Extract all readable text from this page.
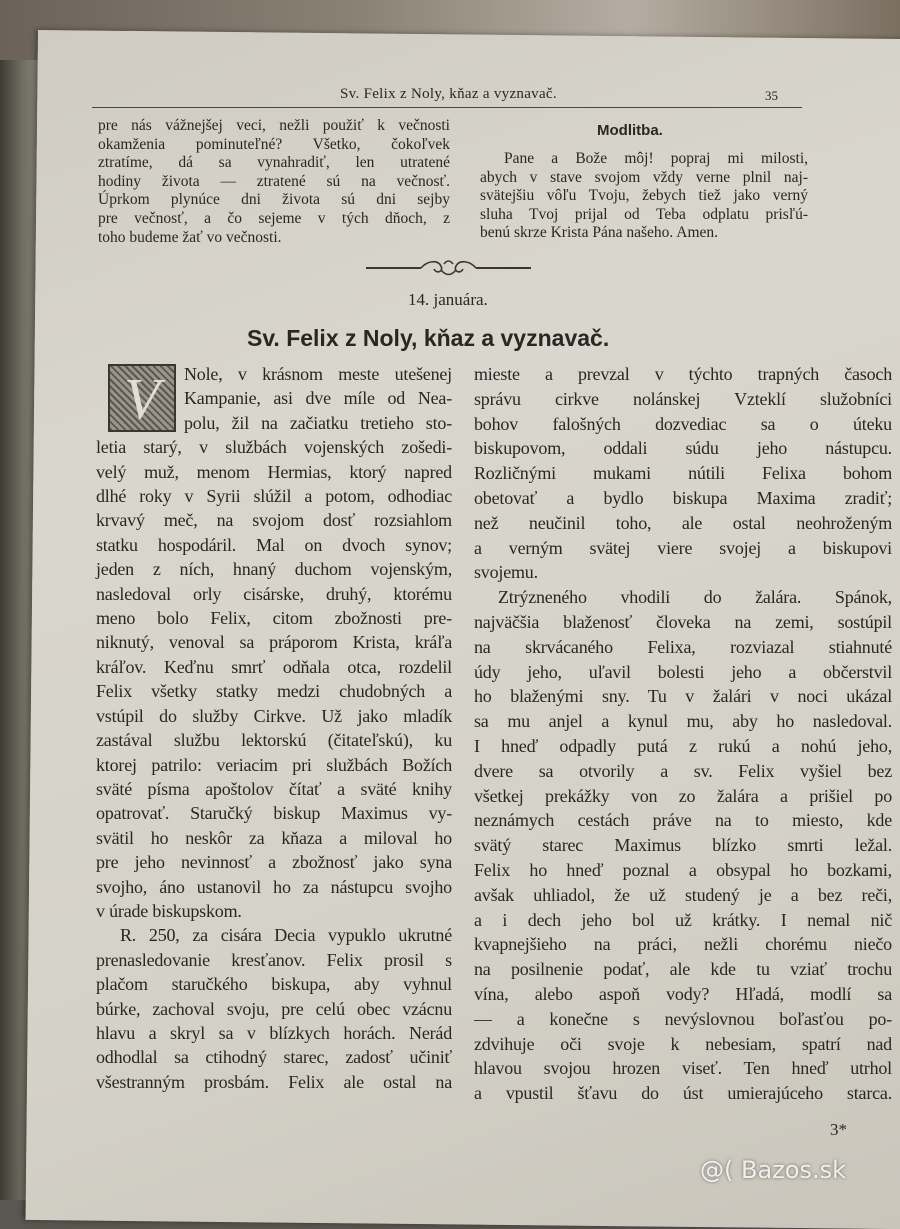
Sv. Felix z Noly, kňaz a vyznavač.	35
pre nás vážnejšej veci, nežli použiť k večnosti
okamženia pominuteľné? Všetko, čokoľvek
ztratíme, dá sa vynahradiť, len utratené
hodiny života — ztratené sú na večnosť.
Úprkom plynúce dni života sú dni sejby
pre večnosť, a čo sejeme v tých dňoch, z
toho budeme žať vo večnosti.
Modlitba.
Pane a Bože môj! popraj mi milosti,
abych v stave svojom vždy verne plnil naj-
svätejšiu vôľu Tvoju, žebych tiež jako verný
sluha Tvoj prijal od Teba odplatu prisľú-
benú skrze Krista Pána našeho. Amen.
14. januára.
Sv. Felix z Noly, kňaz a vyznavač.
V	Nole, v krásnom meste utešenej
Kampanie, asi dve míle od Nea-
polu, žil na začiatku tretieho sto-
letia starý, v službách vojenských zošedi-
velý muž, menom Hermias, ktorý napred
dlhé roky v Syrii slúžil a potom, odhodiac
krvavý meč, na svojom dosť rozsiahlom
statku hospodáril. Mal on dvoch synov;
jeden z ních, hnaný duchom vojenským,
nasledoval orly cisárske, druhý, ktorému
meno bolo Felix, citom zbožnosti pre-
niknutý, venoval sa práporom Krista, kráľa
kráľov. Keďnu smrť odňala otca, rozdelil
Felix všetky statky medzi chudobných a
vstúpil do služby Cirkve. Už jako mladík
zastával službu lektorskú (čitateľskú), ku
ktorej patrilo: veriacim pri službách Božích
sväté písma apoštolov čítať a sväté knihy
opatrovať. Staručký biskup Maximus vy-
svätil ho neskôr za kňaza a miloval ho
pre jeho nevinnosť a zbožnosť jako syna
svojho, áno ustanovil ho za nástupcu svojho
v úrade biskupskom.
R. 250, za cisára Decia vypuklo ukrutné
prenasledovanie kresťanov. Felix prosil s
plačom staručkého biskupa, aby vyhnul
búrke, zachoval svoju, pre celú obec vzácnu
hlavu a skryl sa v blízkych horách. Nerád
odhodlal sa ctihodný starec, zadosť učiniť
všestranným prosbám. Felix ale ostal na
mieste a prevzal v týchto trapných časoch
správu cirkve nolánskej Vzteklí služobníci
bohov falošných dozvediac sa o úteku
biskupovom, oddali súdu jeho nástupcu.
Rozličnými mukami nútili Felixa bohom
obetovať a bydlo biskupa Maxima zradiť;
než neučinil toho, ale ostal neohroženým
a verným svätej viere svojej a biskupovi
svojemu.
Ztrýzneného vhodili do žalára. Spánok,
najväčšia blaženosť človeka na zemi, sostúpil
na skrvácaného Felixa, rozviazal stiahnuté
údy jeho, uľavil bolesti jeho a občerstvil
ho blaženými sny. Tu v žalári v noci ukázal
sa mu anjel a kynul mu, aby ho nasledoval.
I hneď odpadly putá z rukú a nohú jeho,
dvere sa otvorily a sv. Felix vyšiel bez
všetkej prekážky von zo žalára a prišiel po
neznámych cestách práve na to miesto, kde
svätý starec Maximus blízko smrti ležal.
Felix ho hneď poznal a obsypal ho bozkami,
avšak uhliadol, že už studený je a bez reči,
a i dech jeho bol už krátky. I nemal nič
kvapnejšieho na práci, nežli chorému niečo
na posilnenie podať, ale kde tu vziať trochu
vína, alebo aspoň vody? Hľadá, modlí sa
— a konečne s nevýslovnou boľasťou po-
zdvihuje oči svoje k nebesiam, spatrí nad
hlavou svojou hrozen viseť. Ten hneď utrhol
a vpustil šťavu do úst umierajúceho starca.
3*
@( Bazos.sk
